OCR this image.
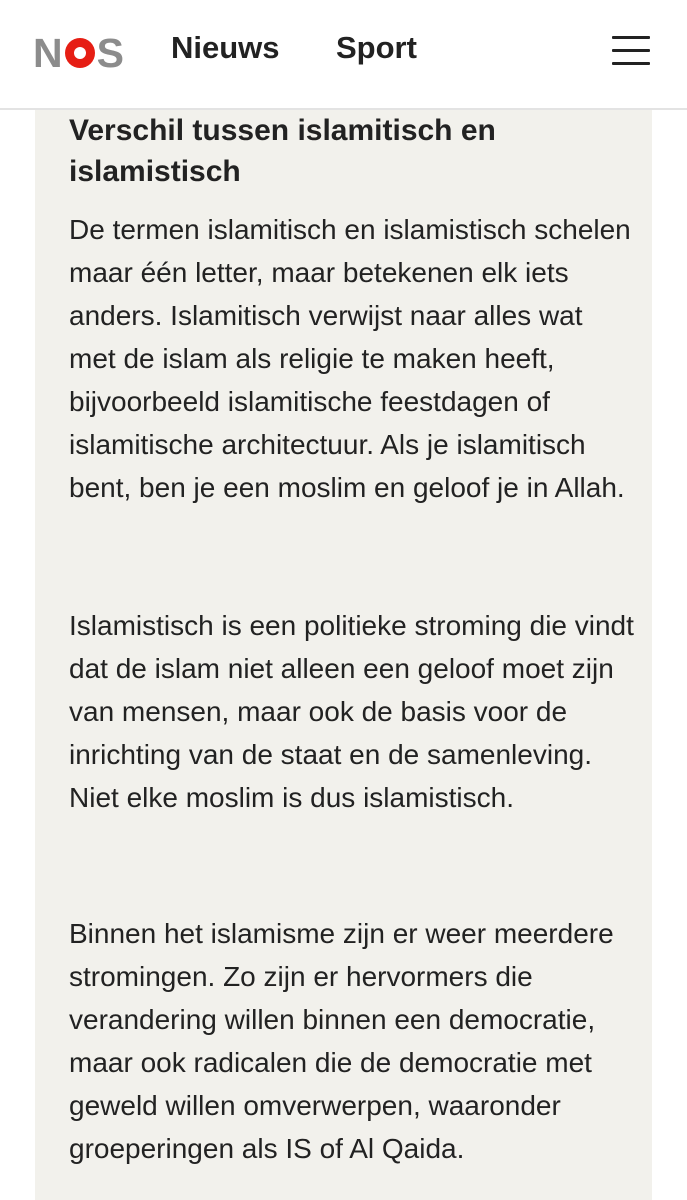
N S Nieuws Sport
Verschil tussen islamitisch en islamistisch

De termen islamitisch en islamistisch schelen maar één letter, maar betekenen elk iets anders. Islamitisch verwijst naar alles wat met de islam als religie te maken heeft, bijvoorbeeld islamitische feestdagen of islamitische architectuur. Als je islamitisch bent, ben je een moslim en geloof je in Allah.

Islamistisch is een politieke stroming die vindt dat de islam niet alleen een geloof moet zijn van mensen, maar ook de basis voor de inrichting van de staat en de samenleving. Niet elke moslim is dus islamistisch.

Binnen het islamisme zijn er weer meerdere stromingen. Zo zijn er hervormers die verandering willen binnen een democratie, maar ook radicalen die de democratie met geweld willen omverwerpen, waaronder groeperingen als IS of Al Qaida.
